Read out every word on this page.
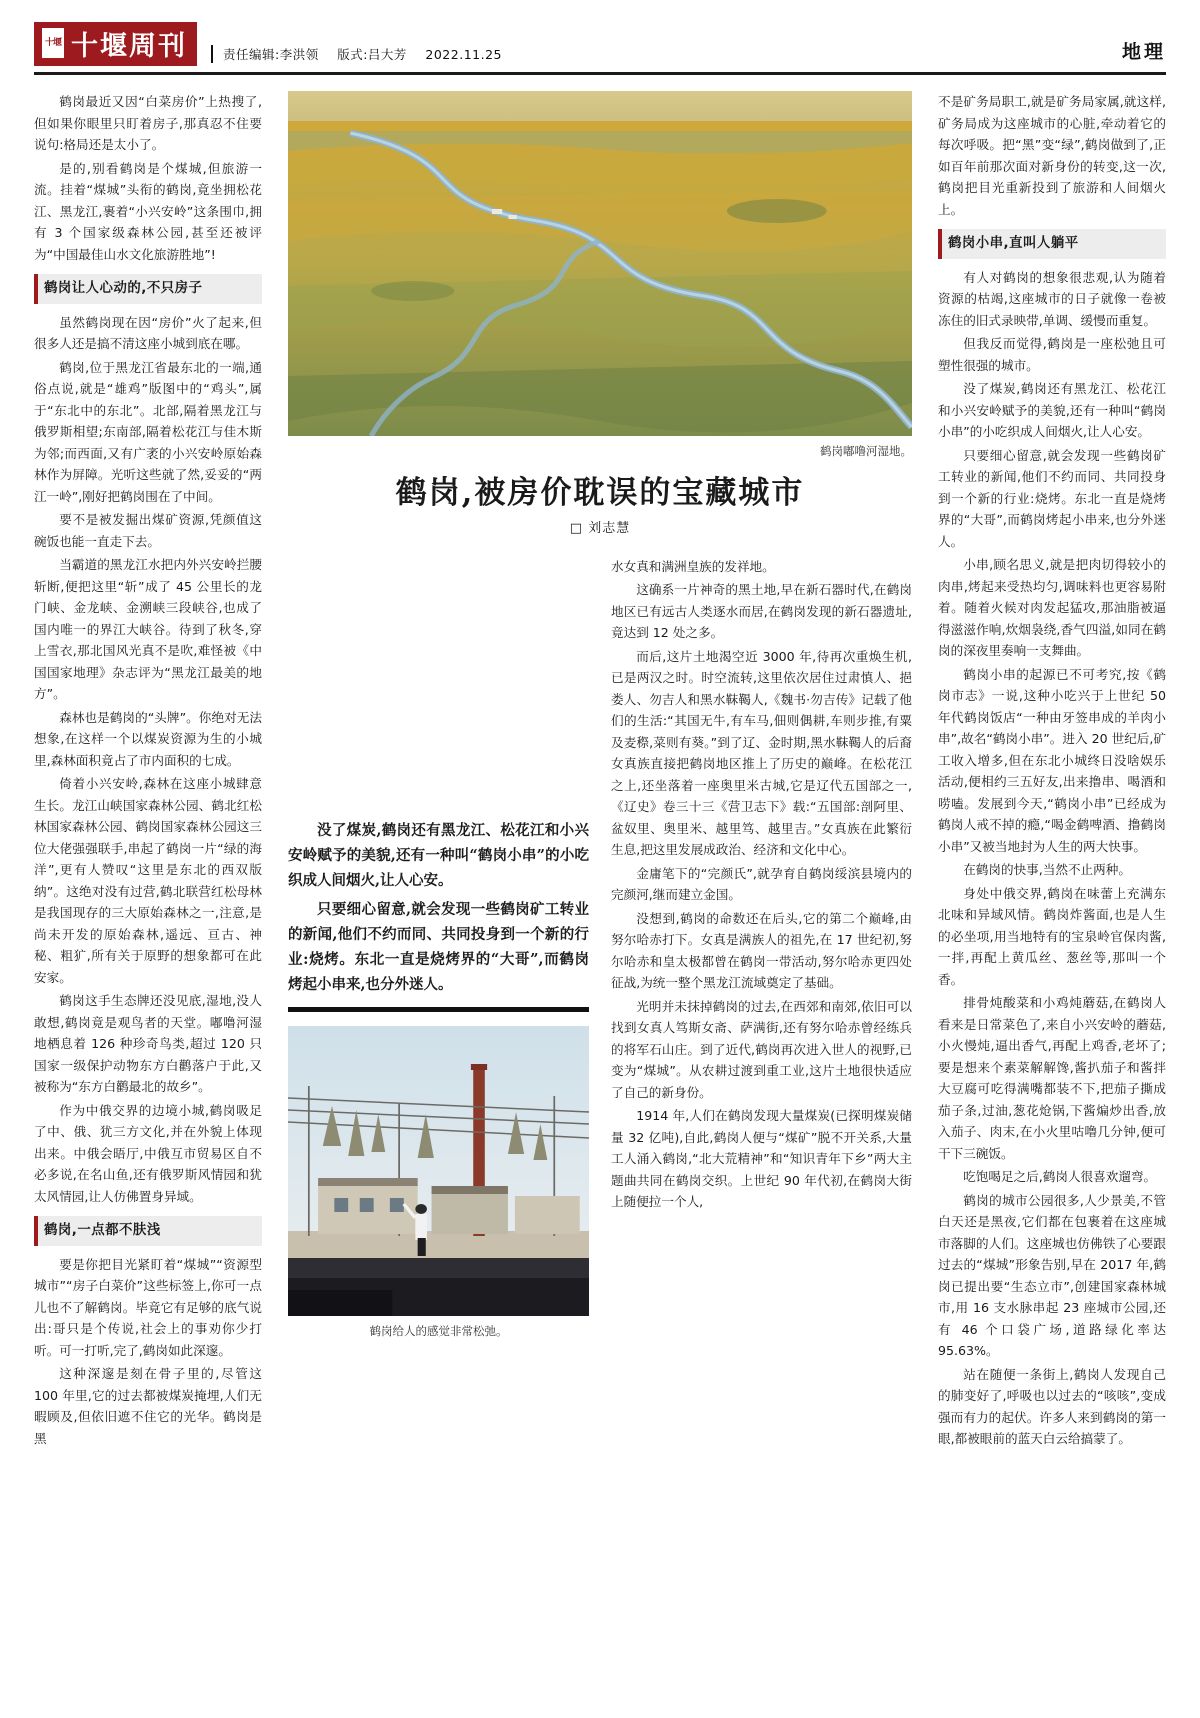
十堰 十堰周刊	责任编辑:李洪领 版式:吕大芳 2022.11.25	地理

鹤岗最近又因“白菜房价”上热搜了,但如果你眼里只盯着房子,那真忍不住要说句:格局还是太小了。

是的,别看鹤岗是个煤城,但旅游一流。挂着“煤城”头衔的鹤岗,竟坐拥松花江、黑龙江,裹着“小兴安岭”这条围巾,拥有 3 个国家级森林公园,甚至还被评为“中国最佳山水文化旅游胜地”!

鹤岗让人心动的,不只房子

虽然鹤岗现在因“房价”火了起来,但很多人还是搞不清这座小城到底在哪。

鹤岗,位于黑龙江省最东北的一端,通俗点说,就是“雄鸡”版图中的“鸡头”,属于“东北中的东北”。北部,隔着黑龙江与俄罗斯相望;东南部,隔着松花江与佳木斯为邻;而西面,又有广袤的小兴安岭原始森林作为屏障。光听这些就了然,妥妥的“两江一岭”,刚好把鹤岗围在了中间。

要不是被发掘出煤矿资源,凭颜值这碗饭也能一直走下去。

当霸道的黑龙江水把内外兴安岭拦腰斩断,便把这里“斩”成了 45 公里长的龙门峡、金龙峡、金溯峡三段峡谷,也成了国内唯一的界江大峡谷。待到了秋冬,穿上雪衣,那北国风光真不是吹,难怪被《中国国家地理》杂志评为“黑龙江最美的地方”。

森林也是鹤岗的“头牌”。你绝对无法想象,在这样一个以煤炭资源为生的小城里,森林面积竟占了市内面积的七成。

倚着小兴安岭,森林在这座小城肆意生长。龙江山峡国家森林公园、鹤北红松林国家森林公园、鹤岗国家森林公园这三位大佬强强联手,串起了鹤岗一片“绿的海洋”,更有人赞叹“这里是东北的西双版纳”。这绝对没有过营,鹤北联营红松母林是我国现存的三大原始森林之一,注意,是尚未开发的原始森林,遥远、亘古、神秘、粗犷,所有关于原野的想象都可在此安家。

鹤岗这手生态牌还没见底,湿地,没人敢想,鹤岗竟是观鸟者的天堂。嘟噜河湿地栖息着 126 种珍奇鸟类,超过 120 只国家一级保护动物东方白鹳落户于此,又被称为“东方白鹳最北的故乡”。

作为中俄交界的边境小城,鹤岗吸足了中、俄、犹三方文化,并在外貌上体现出来。中俄会晤厅,中俄互市贸易区自不必多说,在名山鱼,还有俄罗斯风情园和犹太风情园,让人仿佛置身异域。

鹤岗,一点都不肤浅

要是你把目光紧盯着“煤城”“资源型城市”“房子白菜价”这些标签上,你可一点儿也不了解鹤岗。毕竟它有足够的底气说出:哥只是个传说,社会上的事劝你少打听。可一打听,完了,鹤岗如此深邃。

这种深邃是刻在骨子里的,尽管这 100 年里,它的过去都被煤炭掩埋,人们无暇顾及,但依旧遮不住它的光华。鹤岗是黑

鹤岗嘟噜河湿地。
鹤岗,被房价耽误的宝藏城市
□ 刘志慧

没了煤炭,鹤岗还有黑龙江、松花江和小兴安岭赋予的美貌,还有一种叫“鹤岗小串”的小吃织成人间烟火,让人心安。

只要细心留意,就会发现一些鹤岗矿工转业的新闻,他们不约而同、共同投身到一个新的行业:烧烤。东北一直是烧烤界的“大哥”,而鹤岗烤起小串来,也分外迷人。

鹤岗给人的感觉非常松弛。

水女真和满洲皇族的发祥地。

这确系一片神奇的黑土地,早在新石器时代,在鹤岗地区已有远古人类逐水而居,在鹤岗发现的新石器遗址,竟达到 12 处之多。

而后,这片土地渴空近 3000 年,待再次重焕生机,已是两汉之时。时空流转,这里依次居住过肃慎人、挹娄人、勿吉人和黑水靺鞨人,《魏书·勿吉传》记载了他们的生活:“其国无牛,有车马,佃则偶耕,车则步推,有粟及麦穄,菜则有葵。”到了辽、金时期,黑水靺鞨人的后裔女真族直接把鹤岗地区推上了历史的巅峰。在松花江之上,还坐落着一座奥里米古城,它是辽代五国部之一,《辽史》卷三十三《营卫志下》载:“五国部:剖阿里、盆奴里、奥里米、越里笃、越里吉。”女真族在此繁衍生息,把这里发展成政治、经济和文化中心。

金庸笔下的“完颜氏”,就孕育自鹤岗绥滨县境内的完颜河,继而建立金国。

没想到,鹤岗的命数还在后头,它的第二个巅峰,由努尔哈赤打下。女真是满族人的祖先,在 17 世纪初,努尔哈赤和皇太极都曾在鹤岗一带活动,努尔哈赤更四处征战,为统一整个黑龙江流域奠定了基础。

光明并未抹掉鹤岗的过去,在西郊和南郊,依旧可以找到女真人笃斯女斋、萨满街,还有努尔哈赤曾经练兵的将军石山庄。到了近代,鹤岗再次进入世人的视野,已变为“煤城”。从农耕过渡到重工业,这片土地很快适应了自己的新身份。

1914 年,人们在鹤岗发现大量煤炭(已探明煤炭储量 32 亿吨),自此,鹤岗人便与“煤矿”脱不开关系,大量工人涌入鹤岗,“北大荒精神”和“知识青年下乡”两大主题曲共同在鹤岗交织。上世纪 90 年代初,在鹤岗大街上随便拉一个人,

不是矿务局职工,就是矿务局家属,就这样,矿务局成为这座城市的心脏,牵动着它的每次呼吸。把“黑”变“绿”,鹤岗做到了,正如百年前那次面对新身份的转变,这一次,鹤岗把目光重新投到了旅游和人间烟火上。

鹤岗小串,直叫人躺平

有人对鹤岗的想象很悲观,认为随着资源的枯竭,这座城市的日子就像一卷被冻住的旧式录映带,单调、缓慢而重复。

但我反而觉得,鹤岗是一座松弛且可塑性很强的城市。

没了煤炭,鹤岗还有黑龙江、松花江和小兴安岭赋予的美貌,还有一种叫“鹤岗小串”的小吃织成人间烟火,让人心安。

只要细心留意,就会发现一些鹤岗矿工转业的新闻,他们不约而同、共同投身到一个新的行业:烧烤。东北一直是烧烤界的“大哥”,而鹤岗烤起小串来,也分外迷人。

小串,顾名思义,就是把肉切得较小的肉串,烤起来受热均匀,调味料也更容易附着。随着火候对肉发起猛攻,那油脂被逼得滋滋作响,炊烟袅绕,香气四溢,如同在鹤岗的深夜里奏响一支舞曲。

鹤岗小串的起源已不可考究,按《鹤岗市志》一说,这种小吃兴于上世纪 50 年代鹤岗饭店“一种由牙签串成的羊肉小串”,故名“鹤岗小串”。进入 20 世纪后,矿工收入增多,但在东北小城终日没啥娱乐活动,便相约三五好友,出来撸串、喝酒和唠嗑。发展到今天,“鹤岗小串”已经成为鹤岗人戒不掉的瘾,“喝金鹤啤酒、撸鹤岗小串”又被当地封为人生的两大快事。

在鹤岗的快事,当然不止两种。

身处中俄交界,鹤岗在味蕾上充满东北味和异域风情。鹤岗炸酱面,也是人生的必坐项,用当地特有的宝泉岭官保肉酱,一拌,再配上黄瓜丝、葱丝等,那叫一个香。

排骨炖酸菜和小鸡炖蘑菇,在鹤岗人看来是日常菜色了,来自小兴安岭的蘑菇,小火慢炖,逼出香气,再配上鸡香,老坏了;要是想来个素菜解解馋,酱扒茄子和酱拌大豆腐可吃得满嘴都装不下,把茄子撕成茄子条,过油,葱花炝锅,下酱煸炒出香,放入茄子、肉末,在小火里咕噜几分钟,便可干下三碗饭。

吃饱喝足之后,鹤岗人很喜欢遛弯。

鹤岗的城市公园很多,人少景美,不管白天还是黑夜,它们都在包裹着在这座城市落脚的人们。这座城也仿佛铁了心要跟过去的“煤城”形象告别,早在 2017 年,鹤岗已提出要“生态立市”,创建国家森林城市,用 16 支水脉串起 23 座城市公园,还有 46 个口袋广场,道路绿化率达 95.63%。

站在随便一条街上,鹤岗人发现自己的肺变好了,呼吸也以过去的“咳咳”,变成强而有力的起伏。许多人来到鹤岗的第一眼,都被眼前的蓝天白云给搞蒙了。
